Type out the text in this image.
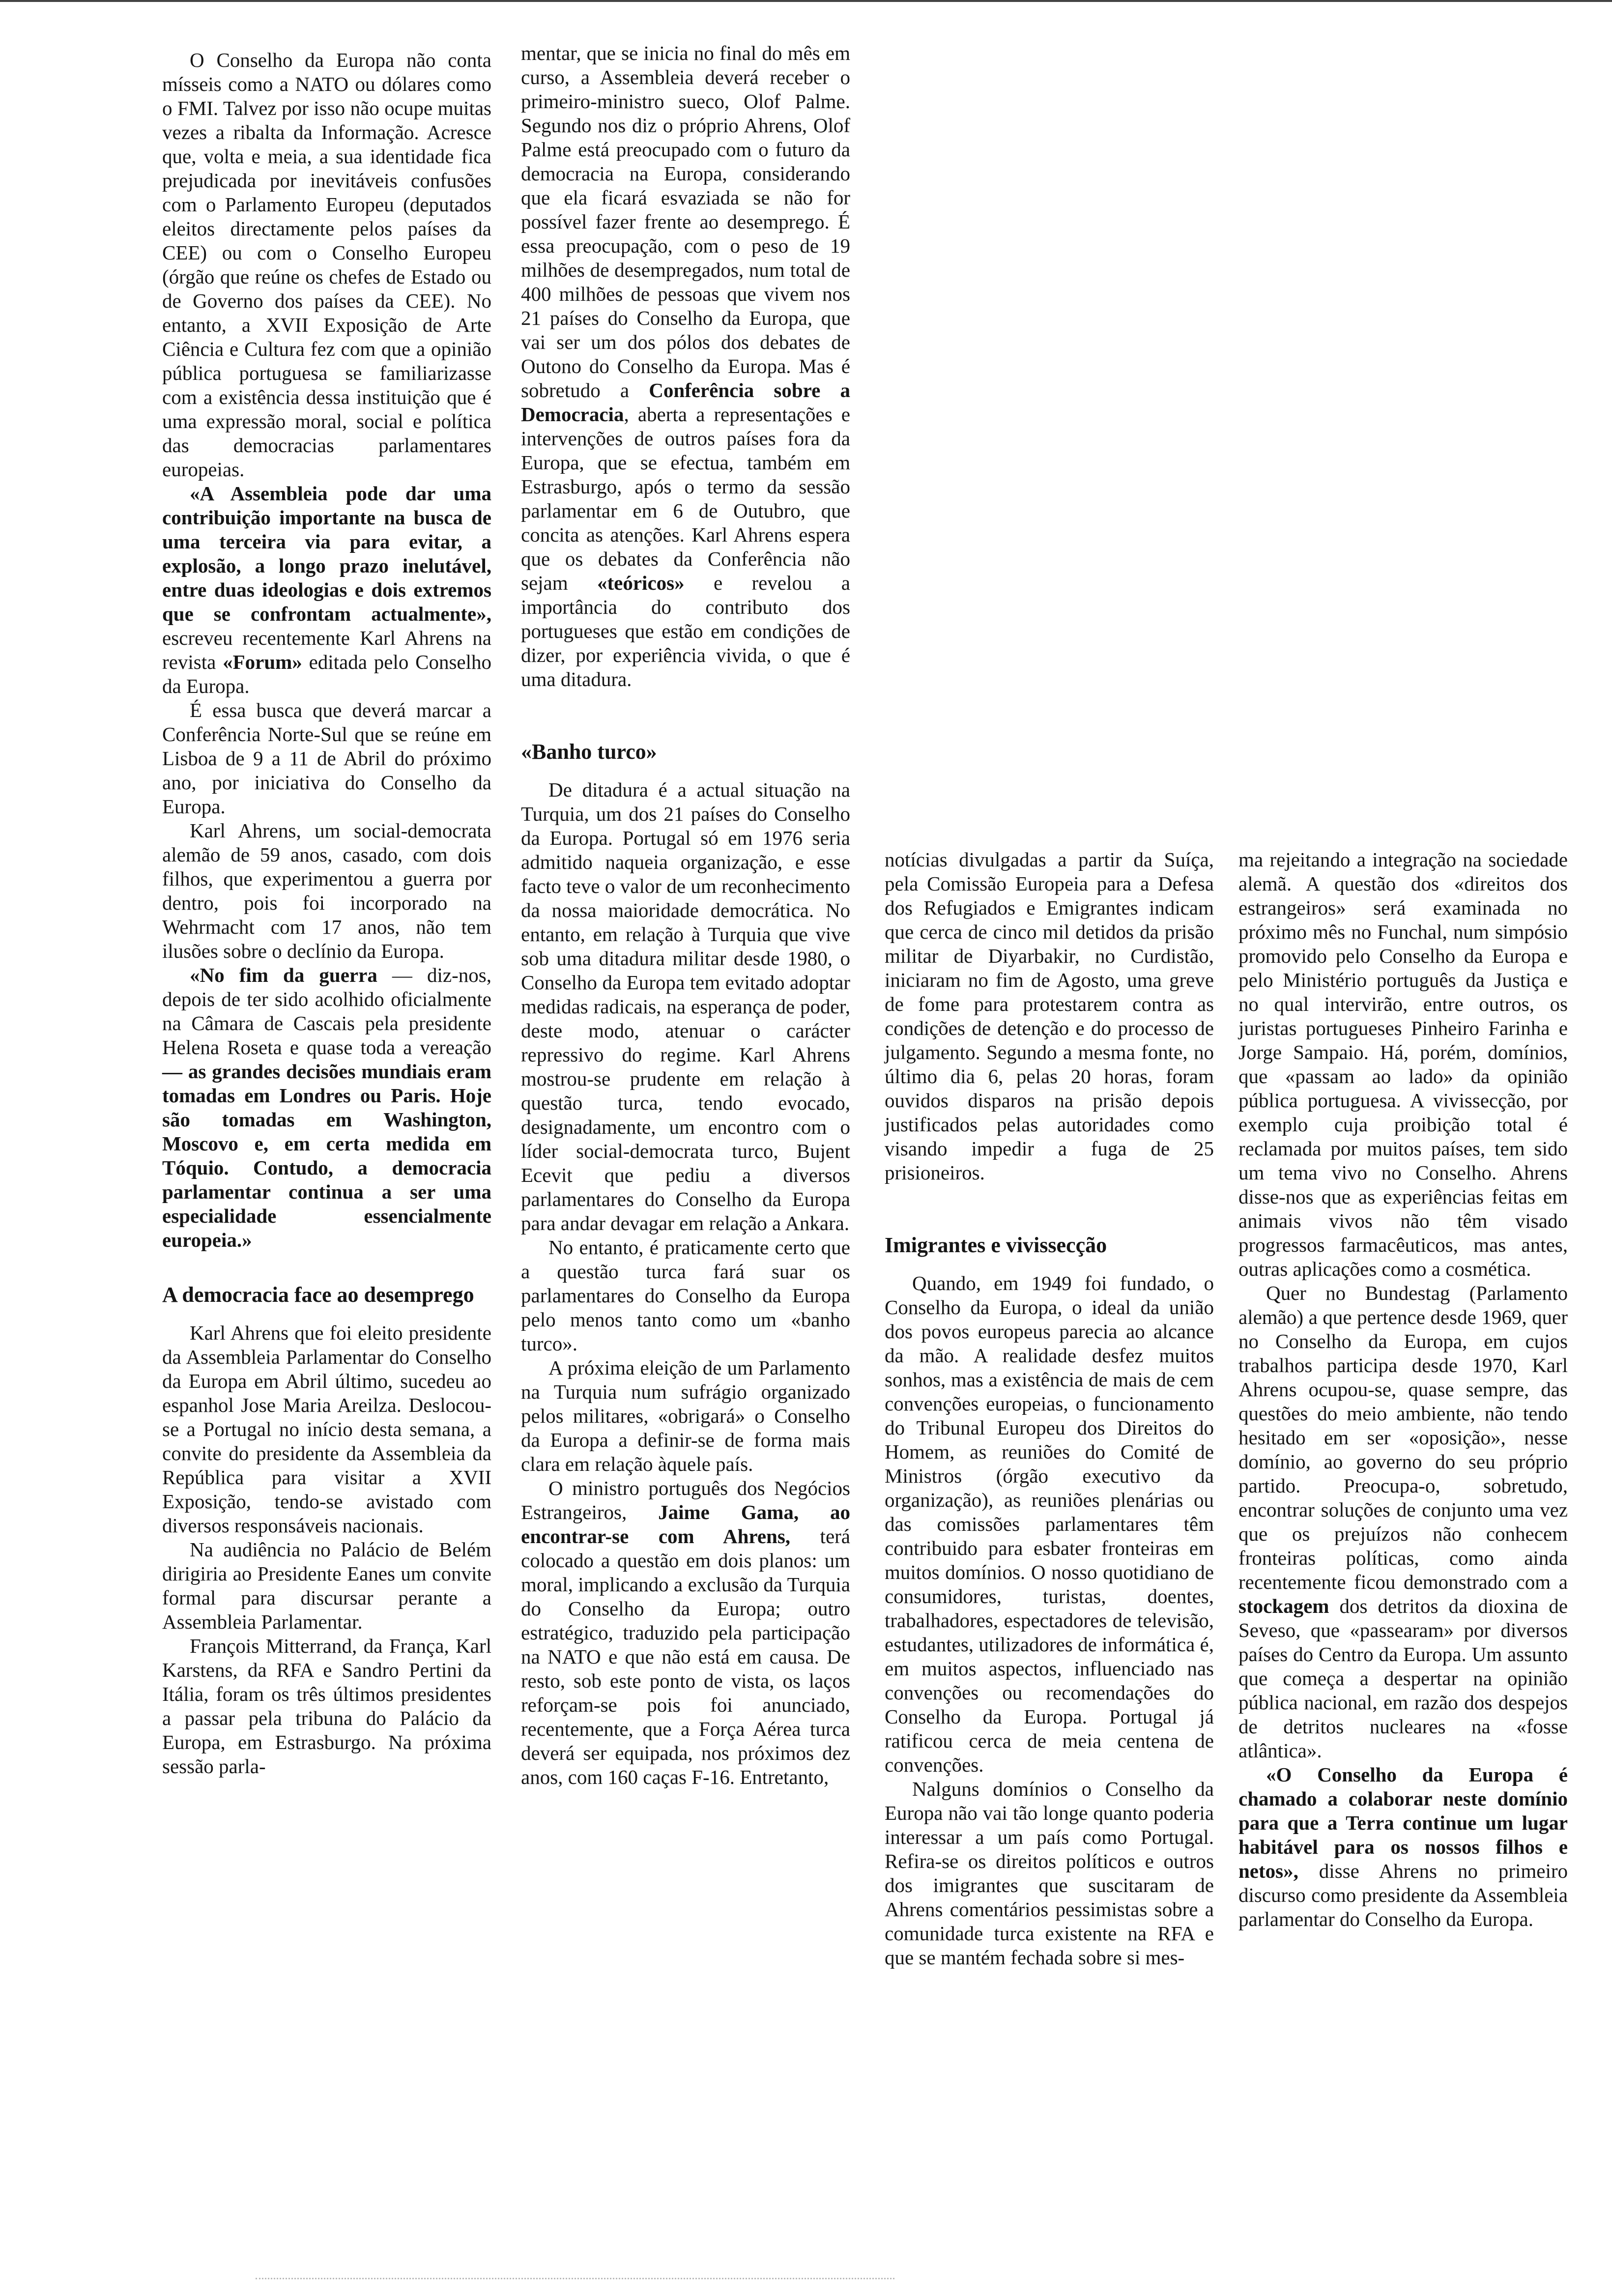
O Conselho da Europa não conta mísseis como a NATO ou dólares como o FMI. Talvez por isso não ocupe muitas vezes a ribalta da Informação. Acresce que, volta e meia, a sua identidade fica prejudicada por inevitáveis confusões com o Parlamento Europeu (deputados eleitos directamente pelos países da CEE) ou com o Conselho Europeu (órgão que reúne os chefes de Estado ou de Governo dos países da CEE). No entanto, a XVII Exposição de Arte Ciência e Cultura fez com que a opinião pública portuguesa se familiarizasse com a existência dessa instituição que é uma expressão moral, social e política das democracias parlamentares europeias.

«A Assembleia pode dar uma contribuição importante na busca de uma terceira via para evitar, a explosão, a longo prazo inelutável, entre duas ideologias e dois extremos que se confrontam actualmente», escreveu recentemente Karl Ahrens na revista «Forum» editada pelo Conselho da Europa.

É essa busca que deverá marcar a Conferência Norte-Sul que se reúne em Lisboa de 9 a 11 de Abril do próximo ano, por iniciativa do Conselho da Europa.

Karl Ahrens, um social-democrata alemão de 59 anos, casado, com dois filhos, que experimentou a guerra por dentro, pois foi incorporado na Wehrmacht com 17 anos, não tem ilusões sobre o declínio da Europa.

«No fim da guerra — diz-nos, depois de ter sido acolhido oficialmente na Câmara de Cascais pela presidente Helena Roseta e quase toda a vereação — as grandes decisões mundiais eram tomadas em Londres ou Paris. Hoje são tomadas em Washington, Moscovo e, em certa medida em Tóquio. Contudo, a democracia parlamentar continua a ser uma especialidade essencialmente europeia.»

A democracia face ao desemprego

Karl Ahrens que foi eleito presidente da Assembleia Parlamentar do Conselho da Europa em Abril último, sucedeu ao espanhol Jose Maria Areilza. Deslocou-se a Portugal no início desta semana, a convite do presidente da Assembleia da República para visitar a XVII Exposição, tendo-se avistado com diversos responsáveis nacionais.

Na audiência no Palácio de Belém dirigiria ao Presidente Eanes um convite formal para discursar perante a Assembleia Parlamentar.

François Mitterrand, da França, Karl Karstens, da RFA e Sandro Pertini da Itália, foram os três últimos presidentes a passar pela tribuna do Palácio da Europa, em Estrasburgo. Na próxima sessão parla-

mentar, que se inicia no final do mês em curso, a Assembleia deverá receber o primeiro-ministro sueco, Olof Palme. Segundo nos diz o próprio Ahrens, Olof Palme está preocupado com o futuro da democracia na Europa, considerando que ela ficará esvaziada se não for possível fazer frente ao desemprego. É essa preocupação, com o peso de 19 milhões de desempregados, num total de 400 milhões de pessoas que vivem nos 21 países do Conselho da Europa, que vai ser um dos pólos dos debates de Outono do Conselho da Europa. Mas é sobretudo a Conferência sobre a Democracia, aberta a representações e intervenções de outros países fora da Europa, que se efectua, também em Estrasburgo, após o termo da sessão parlamentar em 6 de Outubro, que concita as atenções. Karl Ahrens espera que os debates da Conferência não sejam «teóricos» e revelou a importância do contributo dos portugueses que estão em condições de dizer, por experiência vivida, o que é uma ditadura.

«Banho turco»

De ditadura é a actual situação na Turquia, um dos 21 países do Conselho da Europa. Portugal só em 1976 seria admitido naqueia organização, e esse facto teve o valor de um reconhecimento da nossa maioridade democrática. No entanto, em relação à Turquia que vive sob uma ditadura militar desde 1980, o Conselho da Europa tem evitado adoptar medidas radicais, na esperança de poder, deste modo, atenuar o carácter repressivo do regime. Karl Ahrens mostrou-se prudente em relação à questão turca, tendo evocado, designadamente, um encontro com o líder social-democrata turco, Bujent Ecevit que pediu a diversos parlamentares do Conselho da Europa para andar devagar em relação a Ankara.

No entanto, é praticamente certo que a questão turca fará suar os parlamentares do Conselho da Europa pelo menos tanto como um «banho turco».

A próxima eleição de um Parlamento na Turquia num sufrágio organizado pelos militares, «obrigará» o Conselho da Europa a definir-se de forma mais clara em relação àquele país.

O ministro português dos Negócios Estrangeiros, Jaime Gama, ao encontrar-se com Ahrens, terá colocado a questão em dois planos: um moral, implicando a exclusão da Turquia do Conselho da Europa; outro estratégico, traduzido pela participação na NATO e que não está em causa. De resto, sob este ponto de vista, os laços reforçam-se pois foi anunciado, recentemente, que a Força Aérea turca deverá ser equipada, nos próximos dez anos, com 160 caças F-16. Entretanto,

notícias divulgadas a partir da Suíça, pela Comissão Europeia para a Defesa dos Refugiados e Emigrantes indicam que cerca de cinco mil detidos da prisão militar de Diyarbakir, no Curdistão, iniciaram no fim de Agosto, uma greve de fome para protestarem contra as condições de detenção e do processo de julgamento. Segundo a mesma fonte, no último dia 6, pelas 20 horas, foram ouvidos disparos na prisão depois justificados pelas autoridades como visando impedir a fuga de 25 prisioneiros.

Imigrantes e vivissecção

Quando, em 1949 foi fundado, o Conselho da Europa, o ideal da união dos povos europeus parecia ao alcance da mão. A realidade desfez muitos sonhos, mas a existência de mais de cem convenções europeias, o funcionamento do Tribunal Europeu dos Direitos do Homem, as reuniões do Comité de Ministros (órgão executivo da organização), as reuniões plenárias ou das comissões parlamentares têm contribuido para esbater fronteiras em muitos domínios. O nosso quotidiano de consumidores, turistas, doentes, trabalhadores, espectadores de televisão, estudantes, utilizadores de informática é, em muitos aspectos, influenciado nas convenções ou recomendações do Conselho da Europa. Portugal já ratificou cerca de meia centena de convenções.

Nalguns domínios o Conselho da Europa não vai tão longe quanto poderia interessar a um país como Portugal. Refira-se os direitos políticos e outros dos imigrantes que suscitaram de Ahrens comentários pessimistas sobre a comunidade turca existente na RFA e que se mantém fechada sobre si mes-

ma rejeitando a integração na sociedade alemã. A questão dos «direitos dos estrangeiros» será examinada no próximo mês no Funchal, num simpósio promovido pelo Conselho da Europa e pelo Ministério português da Justiça e no qual intervirão, entre outros, os juristas portugueses Pinheiro Farinha e Jorge Sampaio. Há, porém, domínios, que «passam ao lado» da opinião pública portuguesa. A vivissecção, por exemplo cuja proibição total é reclamada por muitos países, tem sido um tema vivo no Conselho. Ahrens disse-nos que as experiências feitas em animais vivos não têm visado progressos farmacêuticos, mas antes, outras aplicações como a cosmética.

Quer no Bundestag (Parlamento alemão) a que pertence desde 1969, quer no Conselho da Europa, em cujos trabalhos participa desde 1970, Karl Ahrens ocupou-se, quase sempre, das questões do meio ambiente, não tendo hesitado em ser «oposição», nesse domínio, ao governo do seu próprio partido. Preocupa-o, sobretudo, encontrar soluções de conjunto uma vez que os prejuízos não conhecem fronteiras políticas, como ainda recentemente ficou demonstrado com a stockagem dos detritos da dioxina de Seveso, que «passearam» por diversos países do Centro da Europa. Um assunto que começa a despertar na opinião pública nacional, em razão dos despejos de detritos nucleares na «fosse atlântica».

«O Conselho da Europa é chamado a colaborar neste domínio para que a Terra continue um lugar habitável para os nossos filhos e netos», disse Ahrens no primeiro discurso como presidente da Assembleia parlamentar do Conselho da Europa.
